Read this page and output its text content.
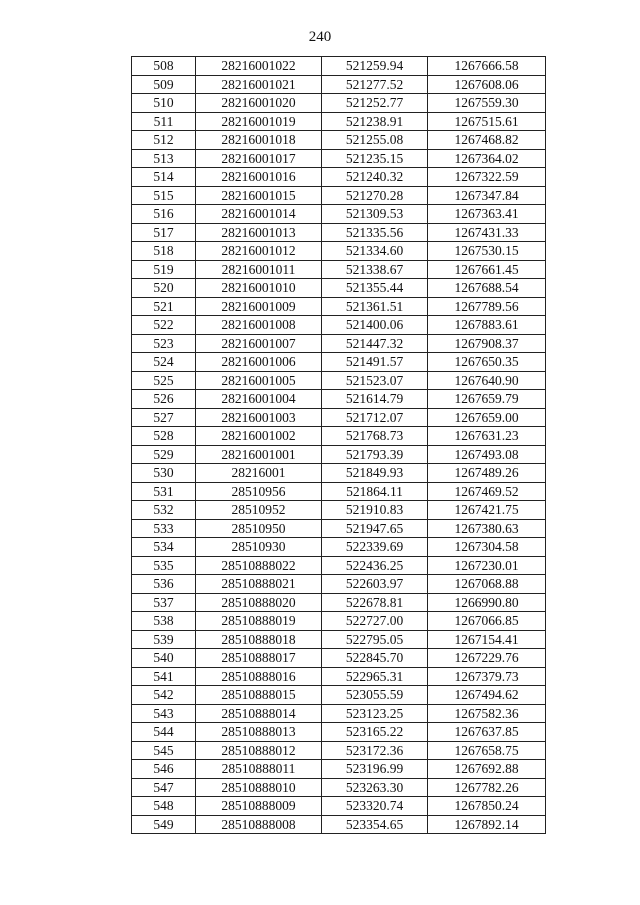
240
508	28216001022	521259.94	1267666.58
509	28216001021	521277.52	1267608.06
510	28216001020	521252.77	1267559.30
511	28216001019	521238.91	1267515.61
512	28216001018	521255.08	1267468.82
513	28216001017	521235.15	1267364.02
514	28216001016	521240.32	1267322.59
515	28216001015	521270.28	1267347.84
516	28216001014	521309.53	1267363.41
517	28216001013	521335.56	1267431.33
518	28216001012	521334.60	1267530.15
519	28216001011	521338.67	1267661.45
520	28216001010	521355.44	1267688.54
521	28216001009	521361.51	1267789.56
522	28216001008	521400.06	1267883.61
523	28216001007	521447.32	1267908.37
524	28216001006	521491.57	1267650.35
525	28216001005	521523.07	1267640.90
526	28216001004	521614.79	1267659.79
527	28216001003	521712.07	1267659.00
528	28216001002	521768.73	1267631.23
529	28216001001	521793.39	1267493.08
530	28216001	521849.93	1267489.26
531	28510956	521864.11	1267469.52
532	28510952	521910.83	1267421.75
533	28510950	521947.65	1267380.63
534	28510930	522339.69	1267304.58
535	28510888022	522436.25	1267230.01
536	28510888021	522603.97	1267068.88
537	28510888020	522678.81	1266990.80
538	28510888019	522727.00	1267066.85
539	28510888018	522795.05	1267154.41
540	28510888017	522845.70	1267229.76
541	28510888016	522965.31	1267379.73
542	28510888015	523055.59	1267494.62
543	28510888014	523123.25	1267582.36
544	28510888013	523165.22	1267637.85
545	28510888012	523172.36	1267658.75
546	28510888011	523196.99	1267692.88
547	28510888010	523263.30	1267782.26
548	28510888009	523320.74	1267850.24
549	28510888008	523354.65	1267892.14
